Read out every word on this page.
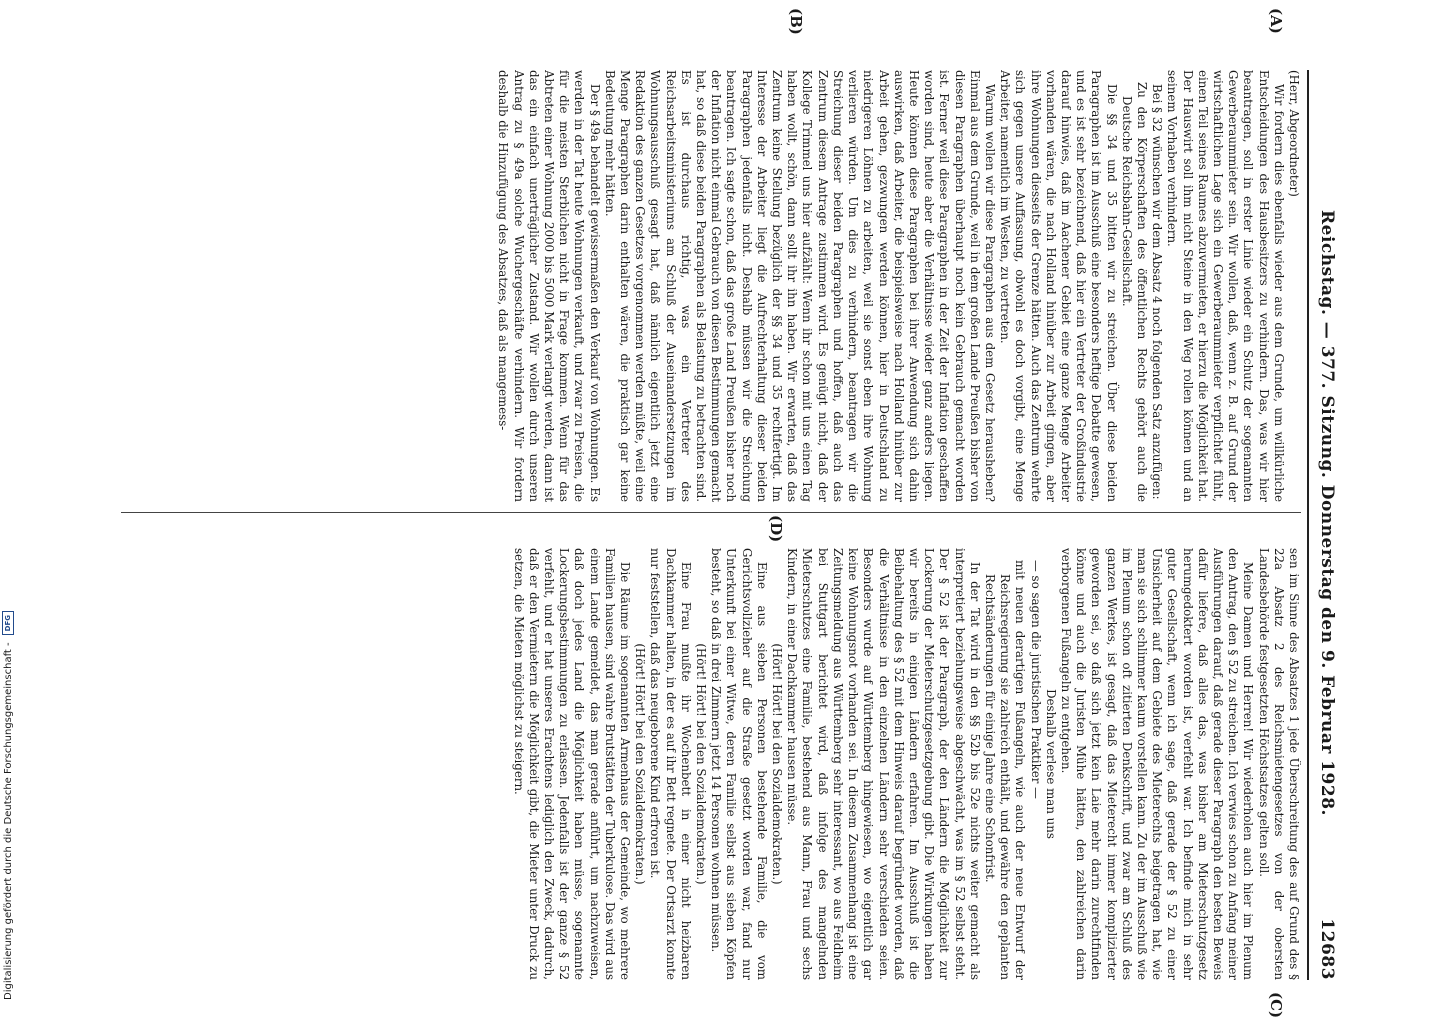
Reichstag. — 377. Sitzung. Donnerstag den 9. Februar 1928.
12683
(A)
(B)
(C)
(D)

(Herr, Abgeordneter)

Wir fordern dies ebenfalls wieder aus dem Grunde, um willkürliche Entscheidungen des Hausbesitzers zu verhindern. Das, was wir hier beantragen, soll in erster Linie wieder ein Schutz der sogenannten Gewerberaummieter sein. Wir wollen, daß, wenn z. B. auf Grund der wirtschaftlichen Lage sich ein Gewerberaummieter verpflichtet fühlt, einen Teil seines Raumes abzuvermieten, er hierzu die Möglichkeit hat. Der Hauswirt soll ihm nicht Steine in den Weg rollen können und an seinem Vorhaben verhindern.

Bei § 32 wünschen wir dem Absatz 4 noch folgenden Satz anzufügen:

Zu den Körperschaften des öffentlichen Rechts gehört auch die Deutsche Reichsbahn-Gesellschaft.

Die §§ 34 und 35 bitten wir zu streichen. Über diese beiden Paragraphen ist im Ausschuß eine besonders heftige Debatte gewesen, und es ist sehr bezeichnend, daß hier ein Vertreter der Großindustrie darauf hinwies, daß im Aachener Gebiet eine ganze Menge Arbeiter vorhanden wären, die nach Holland hinüber zur Arbeit gingen, aber ihre Wohnungen diesseits der Grenze hätten. Auch das Zentrum wehrte sich gegen unsere Auffassung, obwohl es doch vorgibt, eine Menge Arbeiter, namentlich im Westen, zu vertreten.

Warum wollen wir diese Paragraphen aus dem Gesetz herausheben? Einmal aus dem Grunde, weil in dem großen Lande Preußen bisher von diesen Paragraphen überhaupt noch kein Gebrauch gemacht worden ist. Ferner weil diese Paragraphen in der Zeit der Inflation geschaffen worden sind, heute aber die Verhältnisse wieder ganz anders liegen. Heute können diese Paragraphen bei ihrer Anwendung sich dahin auswirken, daß Arbeiter, die beispielsweise nach Holland hinüber zur Arbeit gehen, gezwungen werden können, hier in Deutschland zu niedrigeren Löhnen zu arbeiten, weil sie sonst eben ihre Wohnung verlieren würden. Um dies zu verhindern, beantragen wir die Streichung dieser beiden Paragraphen und hoffen, daß auch das Zentrum diesem Antrage zustimmen wird. Es genügt nicht, daß der Kollege Trimmel uns hier aufzählt: Wenn ihr schon mit uns einen Tag haben wollt, schön, dann sollt ihr ihn haben. Wir erwarten, daß das Zentrum keine Stellung bezüglich der §§ 34 und 35 rechtfertigt. Im Interesse der Arbeiter liegt die Aufrechterhaltung dieser beiden Paragraphen jedenfalls nicht. Deshalb müssen wir die Streichung beantragen. Ich sagte schon, daß das große Land Preußen bisher noch der Inflation nicht einmal Gebrauch von diesen Bestimmungen gemacht hat, so daß diese beiden Paragraphen als Belastung zu betrachten sind. Es ist durchaus richtig, was ein Vertreter des Reichsarbeitsministeriums am Schluß der Auseinandersetzungen im Wohnungsausschuß gesagt hat, daß nämlich eigentlich jetzt eine Redaktion des ganzen Gesetzes vorgenommen werden müßte, weil eine Menge Paragraphen darin enthalten wären, die praktisch gar keine Bedeutung mehr hätten.

Der § 49a behandelt gewissermaßen den Verkauf von Wohnungen. Es werden in der Tat heute Wohnungen verkauft, und zwar zu Preisen, die für die meisten Sterblichen nicht in Frage kommen. Wenn für das Abtreten einer Wohnung 2000 bis 5000 Mark verlangt werden, dann ist das ein einfach unerträglicher Zustand. Wir wollen durch unseren Antrag zu § 49a solche Wuchergeschäfte verhindern. Wir fordern deshalb die Hinzufügung des Absatzes, daß als mangemess-

sen im Sinne des Absatzes 1 jede Überschreitung des auf Grund des § 22a Absatz 2 des Reichsmietengesetzes von der obersten Landesbehörde festgesetzten Höchstsatzes gelten soll.

Meine Damen und Herren! Wir wiederholen auch hier im Plenum den Antrag, den § 52 zu streichen. Ich verwies schon zu Anfang meiner Ausführungen darauf, daß gerade dieser Paragraph den besten Beweis dafür liefere, daß alles das, was bisher am Mieterschutzgesetz herumgedoktert worden ist, verfehlt war. Ich befinde mich in sehr guter Gesellschaft, wenn ich sage, daß gerade der § 52 zu einer Unsicherheit auf dem Gebiete des Mieterechts beigetragen hat, wie man sie sich schlimmer kaum vorstellen kann. Zu der im Ausschuß wie im Plenum schon oft zitierten Denkschrift, und zwar am Schluß des ganzen Werkes, ist gesagt, daß das Mieterecht immer komplizierter geworden sei, so daß sich jetzt kein Laie mehr darin zurechtfinden könne und auch die Juristen Mühe hätten, den zahlreichen darin verborgenen Fußangeln zu entgehen.

Deshalb verlese man uns

— so sagen die juristischen Praktiker —

mit neuen derartigen Fußangeln, wie auch der neue Entwurf der Reichsregierung sie zahlreich enthält, und gewähre den geplanten Rechtsänderungen für einige Jahre eine Schonfrist.

In der Tat wird in den §§ 52b bis 52e nichts weiter gemacht als interpretiert beziehungsweise abgeschwächt, was im § 52 selbst steht. Der § 52 ist der Paragraph, der den Ländern die Möglichkeit zur Lockerung der Mieterschutzgesetzgebung gibt. Die Wirkungen haben wir bereits in einigen Ländern erfahren. Im Ausschuß ist die Beibehaltung des § 52 mit dem Hinweis darauf begründet worden, daß die Verhältnisse in den einzelnen Ländern sehr verschieden seien. Besonders wurde auf Württemberg hingewiesen, wo eigentlich gar keine Wohnungsnot vorhanden sei. In diesem Zusammenhang ist eine Zeitungsmeldung aus Württemberg sehr interessant, wo aus Feldheim bei Stuttgart berichtet wird, daß infolge des mangelnden Mieterschutzes eine Familie, bestehend aus Mann, Frau und sechs Kindern, in einer Dachkammer hausen müsse.

(Hört! Hört! bei den Sozialdemokraten.)

Eine aus sieben Personen bestehende Familie, die vom Gerichtsvollzieher auf die Straße gesetzt worden war, fand nur Unterkunft bei einer Witwe, deren Familie selbst aus sieben Köpfen besteht, so daß in drei Zimmern jetzt 14 Personen wohnen müssen.

(Hört! Hört! bei den Sozialdemokraten.)

Eine Frau mußte ihr Wochenbett in einer nicht heizbaren Dachkammer halten, in der es auf ihr Bett regnete. Der Ortsarzt konnte nur feststellen, daß das neugeborene Kind erfroren ist.

(Hört! Hört! bei den Sozialdemokraten.)

Die Räume im sogenannten Armenhaus der Gemeinde, wo mehrere Familien hausen, sind wahre Brutstätten der Tuberkulose. Das wird aus einem Lande gemeldet, das man gerade anführt, um nachzuweisen, daß doch jedes Land die Möglichkeit haben müsse, sogenannte Lockerungsbestimmungen zu erlassen. Jedenfalls ist der ganze § 52 verfehlt, und er hat unseres Erachtens lediglich den Zweck, dadurch, daß er den Vermietern die Möglichkeit gibt, die Mieter unter Druck zu setzen, die Mieten möglichst zu steigern.

Digitalisierung gefördert durch die Deutsche Forschungsgemeinschaft - DFG
